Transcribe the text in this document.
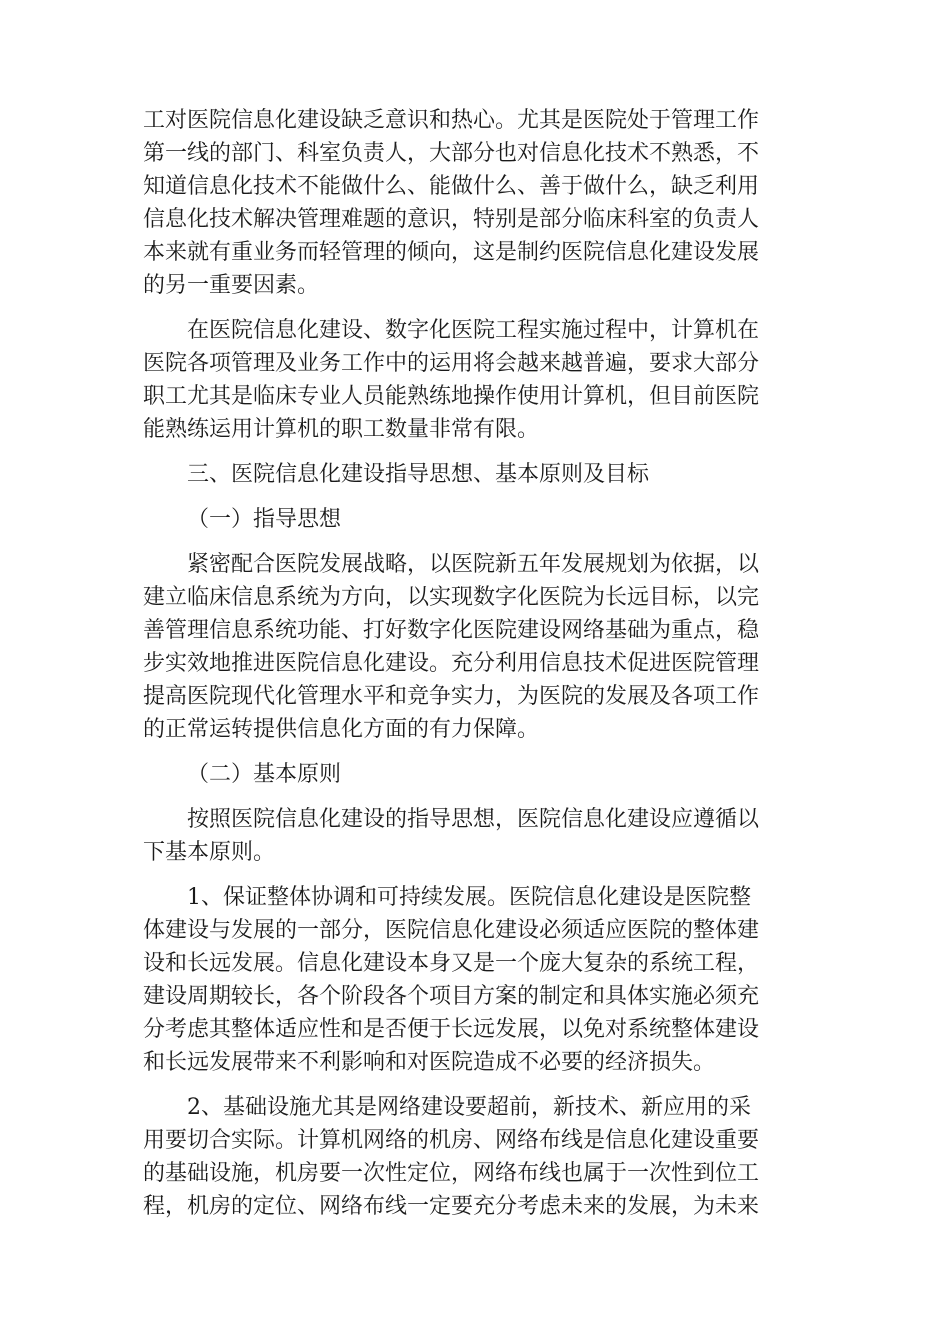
工对医院信息化建设缺乏意识和热心。尤其是医院处于管理工作
第一线的部门、科室负责人，大部分也对信息化技术不熟悉，不
知道信息化技术不能做什么、能做什么、善于做什么，缺乏利用
信息化技术解决管理难题的意识，特别是部分临床科室的负责人
本来就有重业务而轻管理的倾向，这是制约医院信息化建设发展
的另一重要因素。
在医院信息化建设、数字化医院工程实施过程中，计算机在
医院各项管理及业务工作中的运用将会越来越普遍，要求大部分
职工尤其是临床专业人员能熟练地操作使用计算机，但目前医院
能熟练运用计算机的职工数量非常有限。
三、医院信息化建设指导思想、基本原则及目标
（一）指导思想
紧密配合医院发展战略，以医院新五年发展规划为依据，以
建立临床信息系统为方向，以实现数字化医院为长远目标，以完
善管理信息系统功能、打好数字化医院建设网络基础为重点，稳
步实效地推进医院信息化建设。充分利用信息技术促进医院管理
提高医院现代化管理水平和竞争实力，为医院的发展及各项工作
的正常运转提供信息化方面的有力保障。
（二）基本原则
按照医院信息化建设的指导思想，医院信息化建设应遵循以
下基本原则。
1、保证整体协调和可持续发展。医院信息化建设是医院整
体建设与发展的一部分，医院信息化建设必须适应医院的整体建
设和长远发展。信息化建设本身又是一个庞大复杂的系统工程，
建设周期较长，各个阶段各个项目方案的制定和具体实施必须充
分考虑其整体适应性和是否便于长远发展，以免对系统整体建设
和长远发展带来不利影响和对医院造成不必要的经济损失。
2、基础设施尤其是网络建设要超前，新技术、新应用的采
用要切合实际。计算机网络的机房、网络布线是信息化建设重要
的基础设施，机房要一次性定位，网络布线也属于一次性到位工
程，机房的定位、网络布线一定要充分考虑未来的发展，为未来
